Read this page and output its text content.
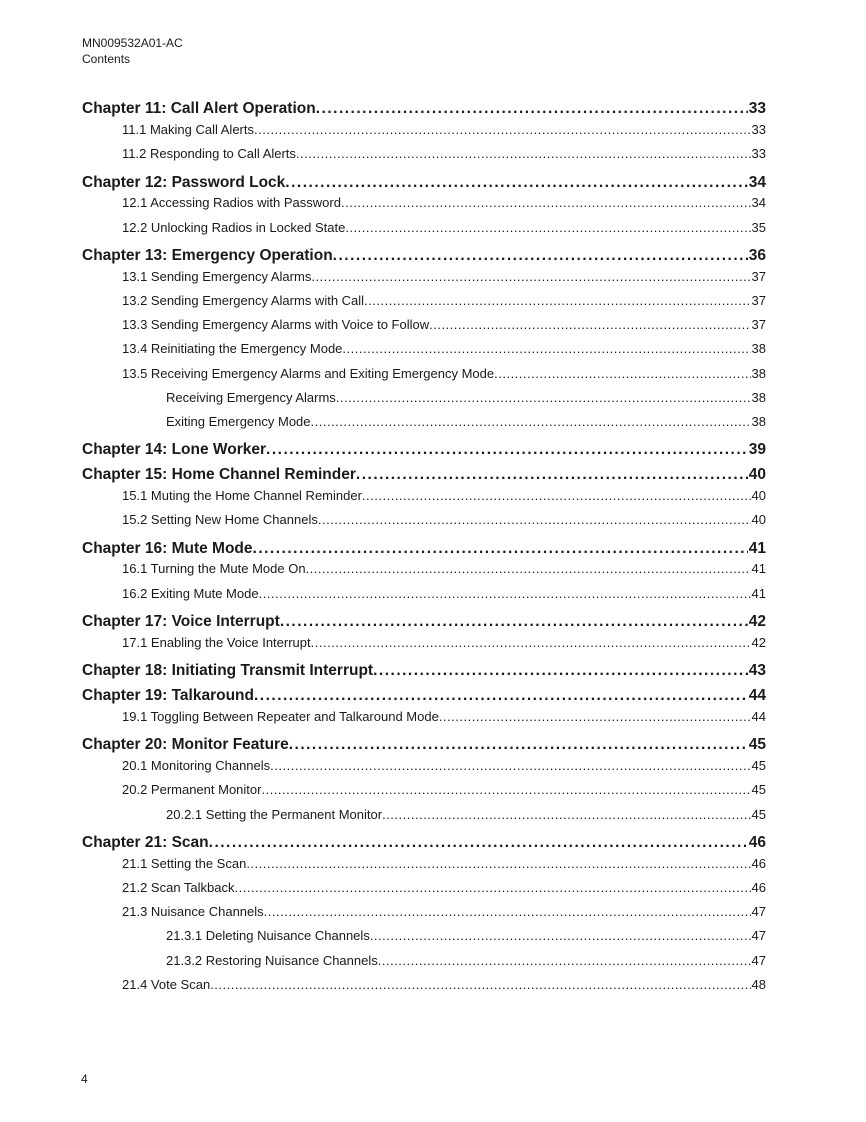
MN009532A01-AC
Contents
Chapter 11: Call Alert Operation .....	33
11.1 Making Call Alerts .....	33
11.2 Responding to Call Alerts .....	33
Chapter 12: Password Lock .....	34
12.1 Accessing Radios with Password .....	34
12.2 Unlocking Radios in Locked State .....	35
Chapter 13: Emergency Operation .....	36
13.1 Sending Emergency Alarms .....	37
13.2 Sending Emergency Alarms with Call .....	37
13.3 Sending Emergency Alarms with Voice to Follow .....	37
13.4 Reinitiating the Emergency Mode .....	38
13.5 Receiving Emergency Alarms and Exiting Emergency Mode .....	38
Receiving Emergency Alarms .....	38
Exiting Emergency Mode .....	38
Chapter 14: Lone Worker .....	39
Chapter 15: Home Channel Reminder .....	40
15.1 Muting the Home Channel Reminder .....	40
15.2 Setting New Home Channels .....	40
Chapter 16: Mute Mode .....	41
16.1 Turning the Mute Mode On .....	41
16.2 Exiting Mute Mode .....	41
Chapter 17: Voice Interrupt .....	42
17.1 Enabling the Voice Interrupt .....	42
Chapter 18: Initiating Transmit Interrupt .....	43
Chapter 19: Talkaround .....	44
19.1 Toggling Between Repeater and Talkaround Mode .....	44
Chapter 20: Monitor Feature .....	45
20.1 Monitoring Channels .....	45
20.2 Permanent Monitor .....	45
20.2.1 Setting the Permanent Monitor .....	45
Chapter 21: Scan .....	46
21.1 Setting the Scan .....	46
21.2 Scan Talkback .....	46
21.3 Nuisance Channels .....	47
21.3.1 Deleting Nuisance Channels .....	47
21.3.2 Restoring Nuisance Channels .....	47
21.4 Vote Scan .....	48
4
